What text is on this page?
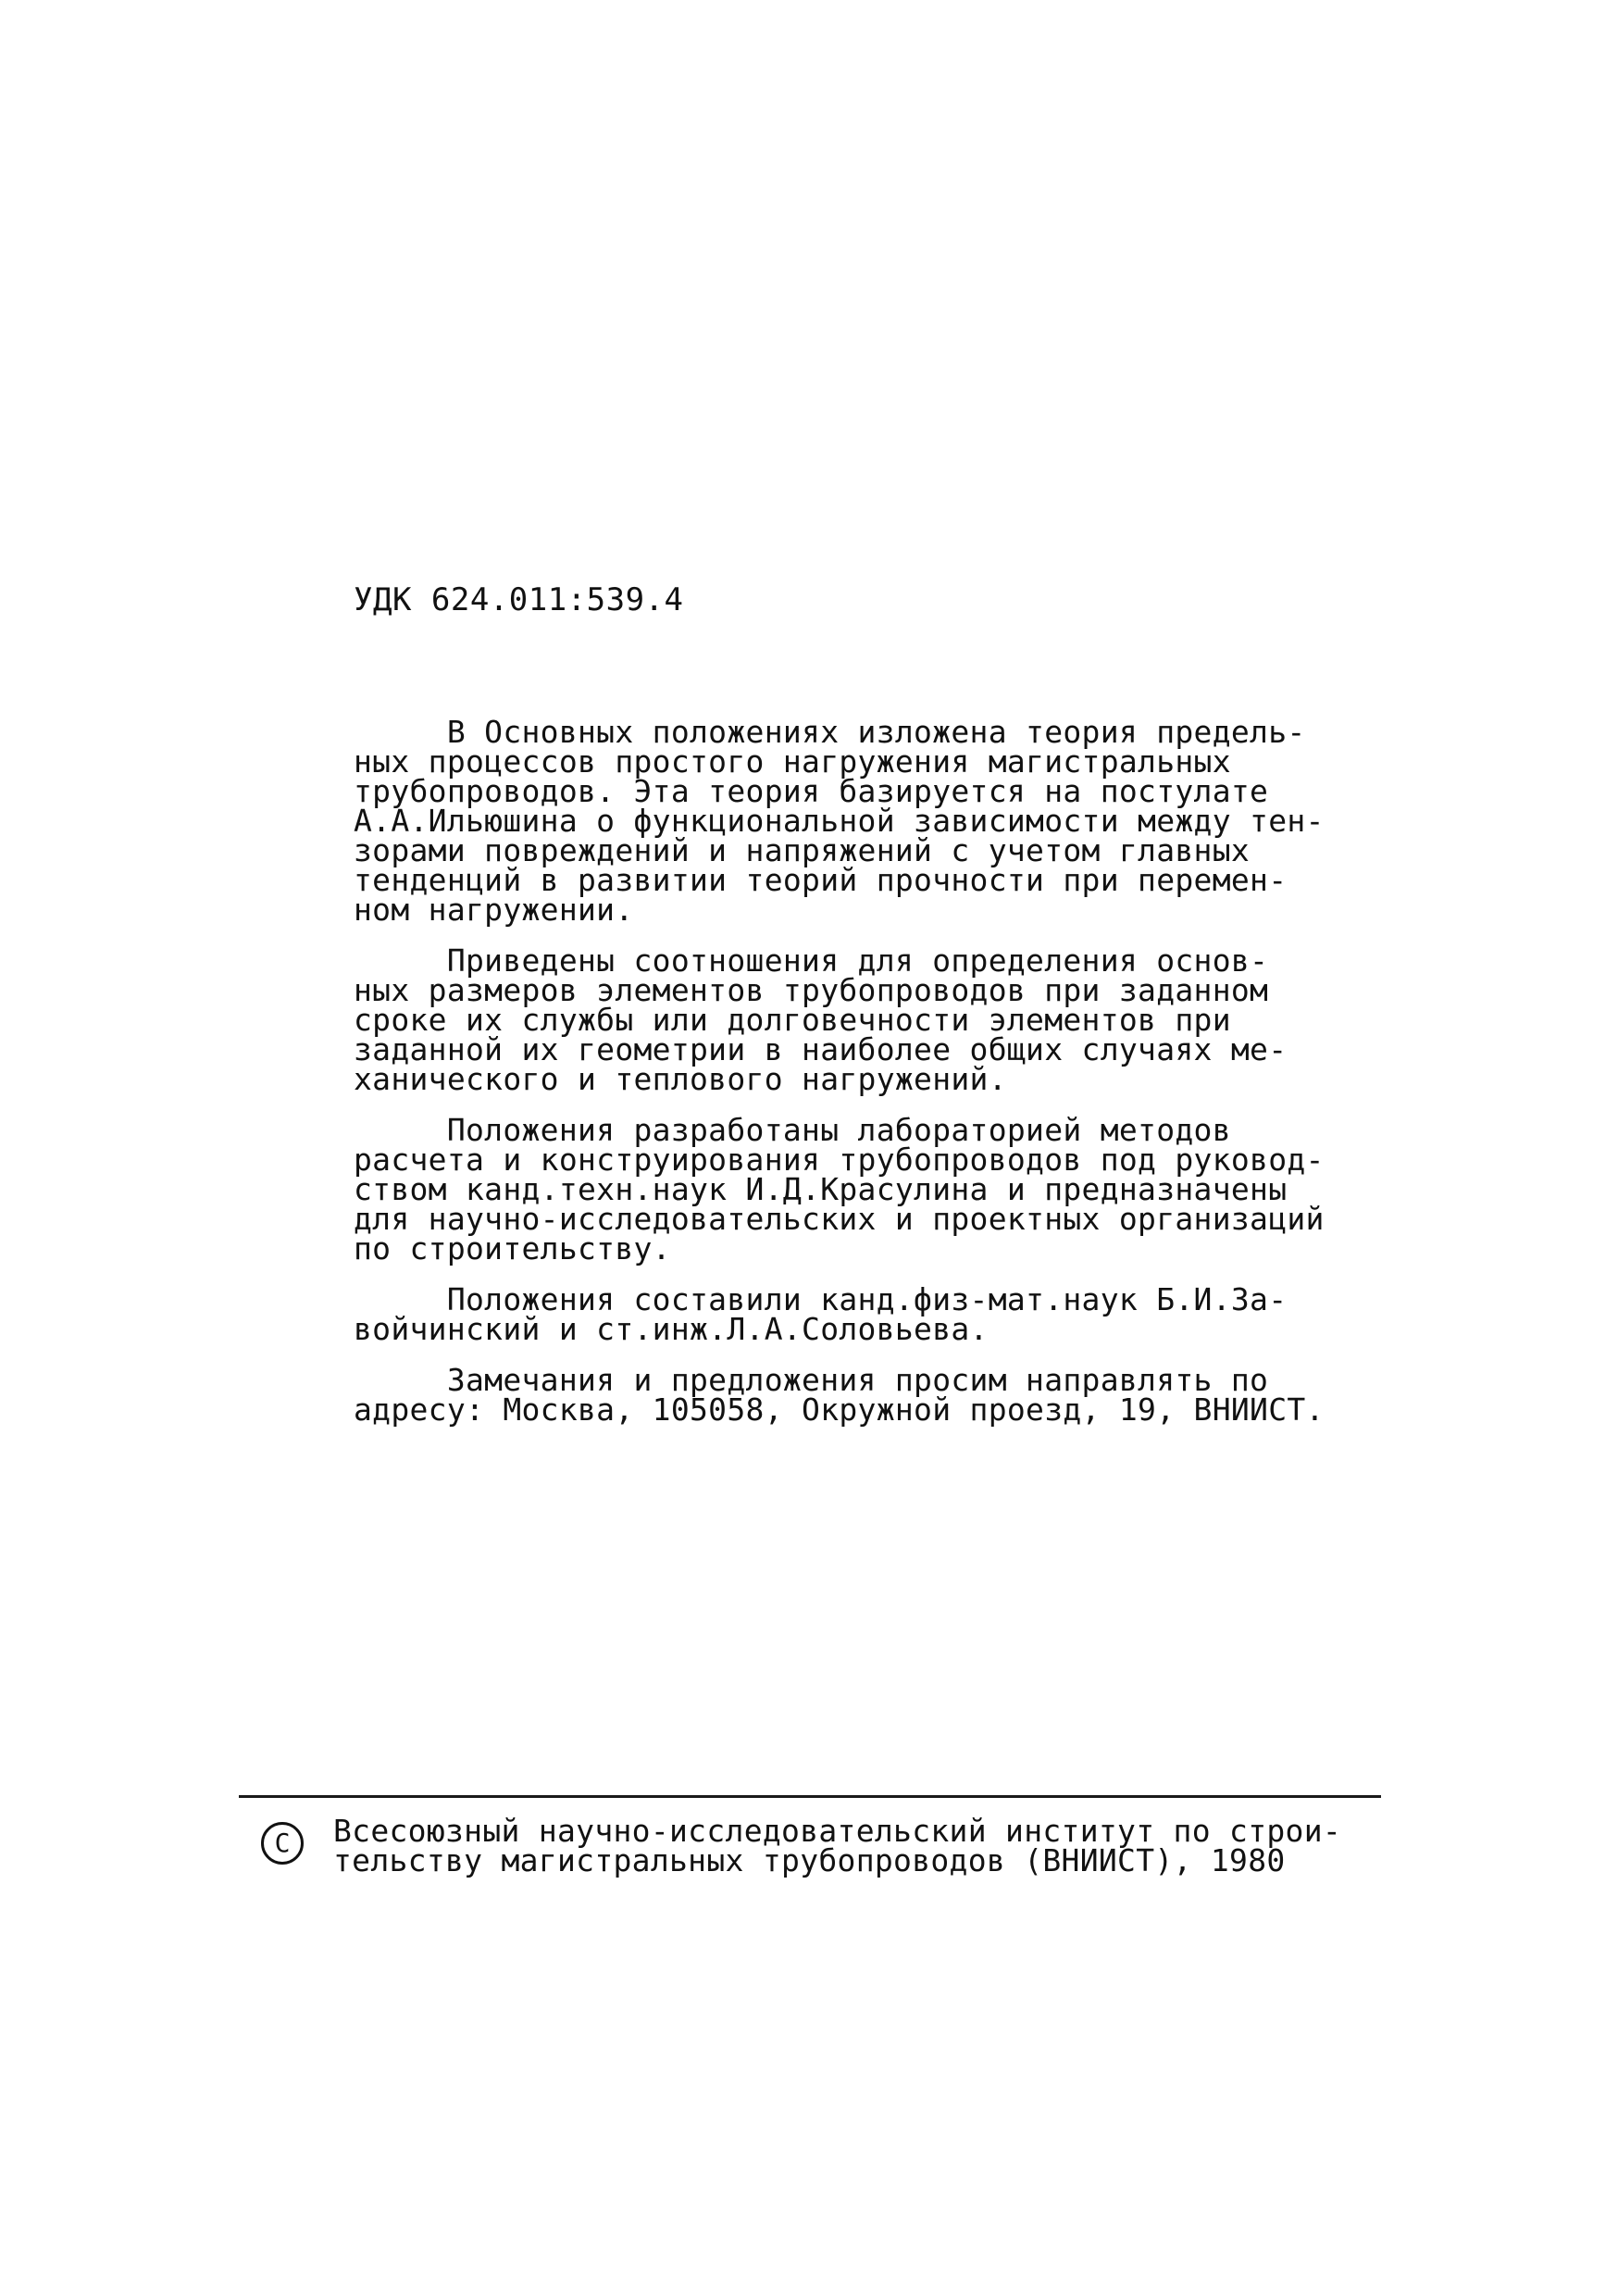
УДК 624.011:539.4
В Основных положениях изложена теория предель-
ных процессов простого нагружения магистральных
трубопроводов. Эта теория базируется на постулате
А.А.Ильюшина о функциональной зависимости между тен-
зорами повреждений и напряжений с учетом главных
тенденций в развитии теорий прочности при перемен-
ном нагружении.
Приведены соотношения для определения основ-
ных размеров элементов трубопроводов при заданном
сроке их службы или долговечности элементов при
заданной их геометрии в наиболее общих случаях ме-
ханического и теплового нагружений.
Положения разработаны лабораторией методов
расчета и конструирования трубопроводов под руковод-
ством канд.техн.наук И.Д.Красулина и предназначены
для научно-исследовательских и проектных организаций
по строительству.
Положения составили канд.физ-мат.наук Б.И.За-
войчинский и ст.инж.Л.А.Соловьева.
Замечания и предложения просим направлять по
адресу: Москва, 105058, Окружной проезд, 19, ВНИИСТ.
C	Всесоюзный научно-исследовательский институт по строи-
тельству магистральных трубопроводов (ВНИИСТ), 1980
